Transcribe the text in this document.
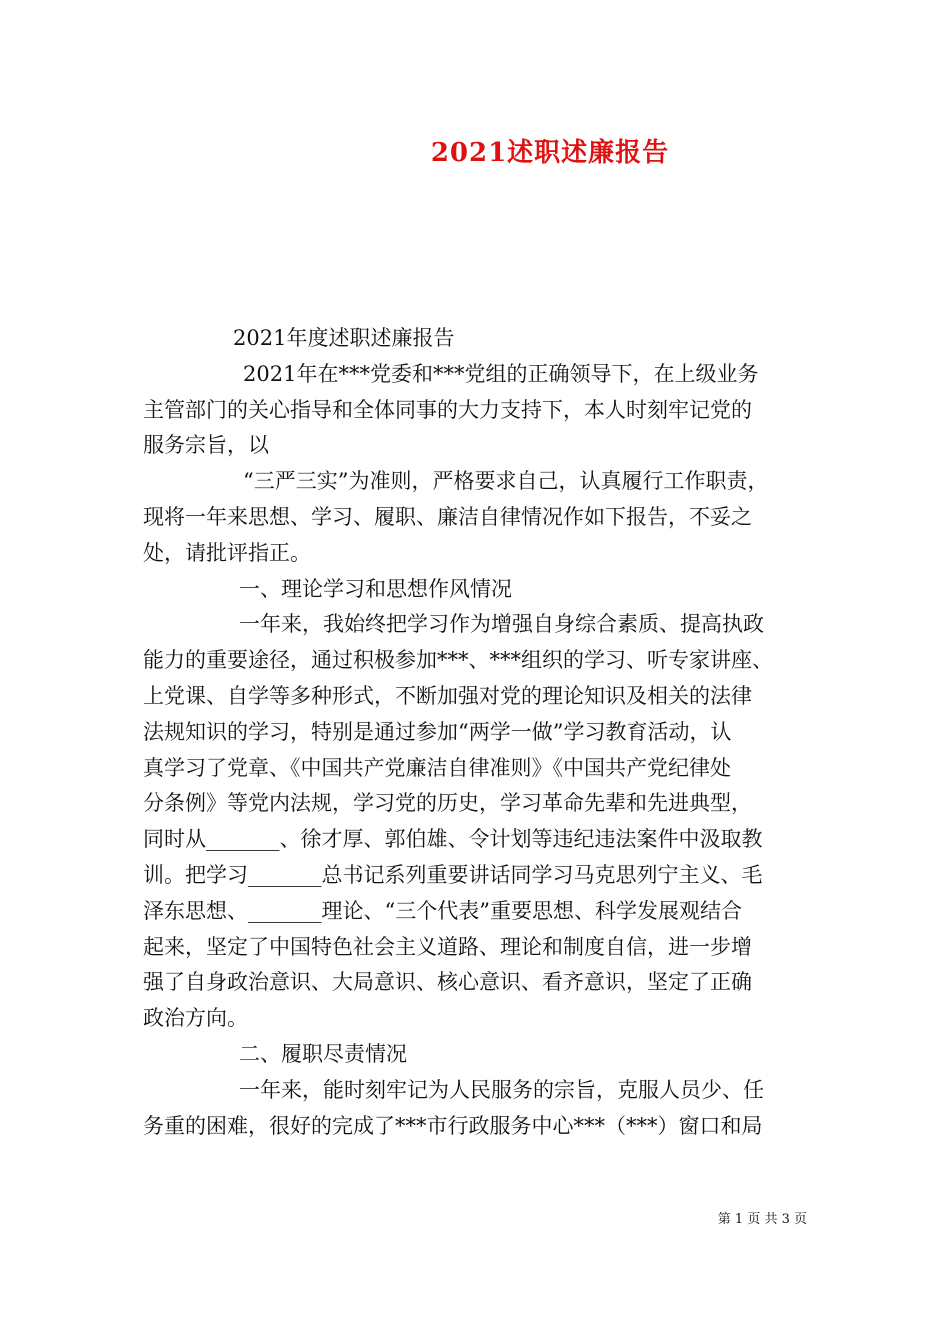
2021述职述廉报告
2021年度述职述廉报告
2021年在***党委和***党组的正确领导下，在上级业务
主管部门的关心指导和全体同事的大力支持下，本人时刻牢记党的
服务宗旨，以
“三严三实”为准则，严格要求自己，认真履行工作职责，
现将一年来思想、学习、履职、廉洁自律情况作如下报告，不妥之
处，请批评指正。
一、理论学习和思想作风情况
一年来，我始终把学习作为增强自身综合素质、提高执政
能力的重要途径，通过积极参加***、***组织的学习、听专家讲座、
上党课、自学等多种形式，不断加强对党的理论知识及相关的法律
法规知识的学习，特别是通过参加“两学一做”学习教育活动，认
真学习了党章、《中国共产党廉洁自律准则》《中国共产党纪律处
分条例》等党内法规，学习党的历史，学习革命先辈和先进典型，
同时从_______、徐才厚、郭伯雄、令计划等违纪违法案件中汲取教
训。把学习_______总书记系列重要讲话同学习马克思列宁主义、毛
泽东思想、_______理论、“三个代表”重要思想、科学发展观结合
起来，坚定了中国特色社会主义道路、理论和制度自信，进一步增
强了自身政治意识、大局意识、核心意识、看齐意识，坚定了正确
政治方向。
二、履职尽责情况
一年来，能时刻牢记为人民服务的宗旨，克服人员少、任
务重的困难，很好的完成了***市行政服务中心***（***）窗口和局
第 1 页 共 3 页
